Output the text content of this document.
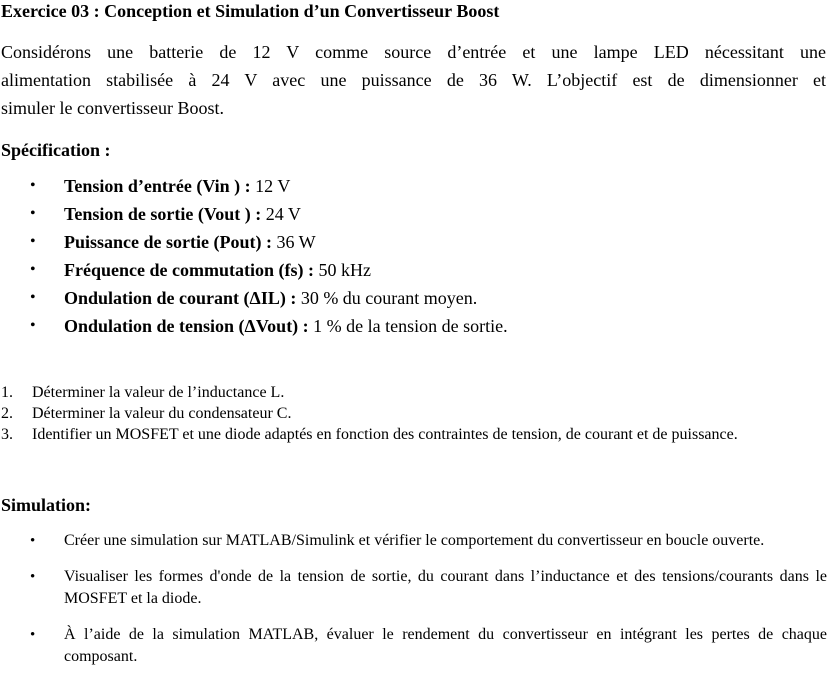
Exercice 03 : Conception et Simulation d’un Convertisseur Boost
Considérons une batterie de 12 V comme source d’entrée et une lampe LED nécessitant une
alimentation stabilisée à 24 V avec une puissance de 36 W. L’objectif est de dimensionner et
simuler le convertisseur Boost.
Spécification :
• Tension d’entrée (Vin ) : 12 V
• Tension de sortie (Vout ) : 24 V
• Puissance de sortie (Pout) : 36 W
• Fréquence de commutation (fs) : 50 kHz
• Ondulation de courant (ΔIL) : 30 % du courant moyen.
• Ondulation de tension (ΔVout) : 1 % de la tension de sortie.
1. Déterminer la valeur de l’inductance L.
2. Déterminer la valeur du condensateur C.
3. Identifier un MOSFET et une diode adaptés en fonction des contraintes de tension, de courant et de puissance.
Simulation:
• Créer une simulation sur MATLAB/Simulink et vérifier le comportement du convertisseur en boucle ouverte.
• Visualiser les formes d'onde de la tension de sortie, du courant dans l’inductance et des tensions/courants dans le MOSFET et la diode.
• À l’aide de la simulation MATLAB, évaluer le rendement du convertisseur en intégrant les pertes de chaque composant.
